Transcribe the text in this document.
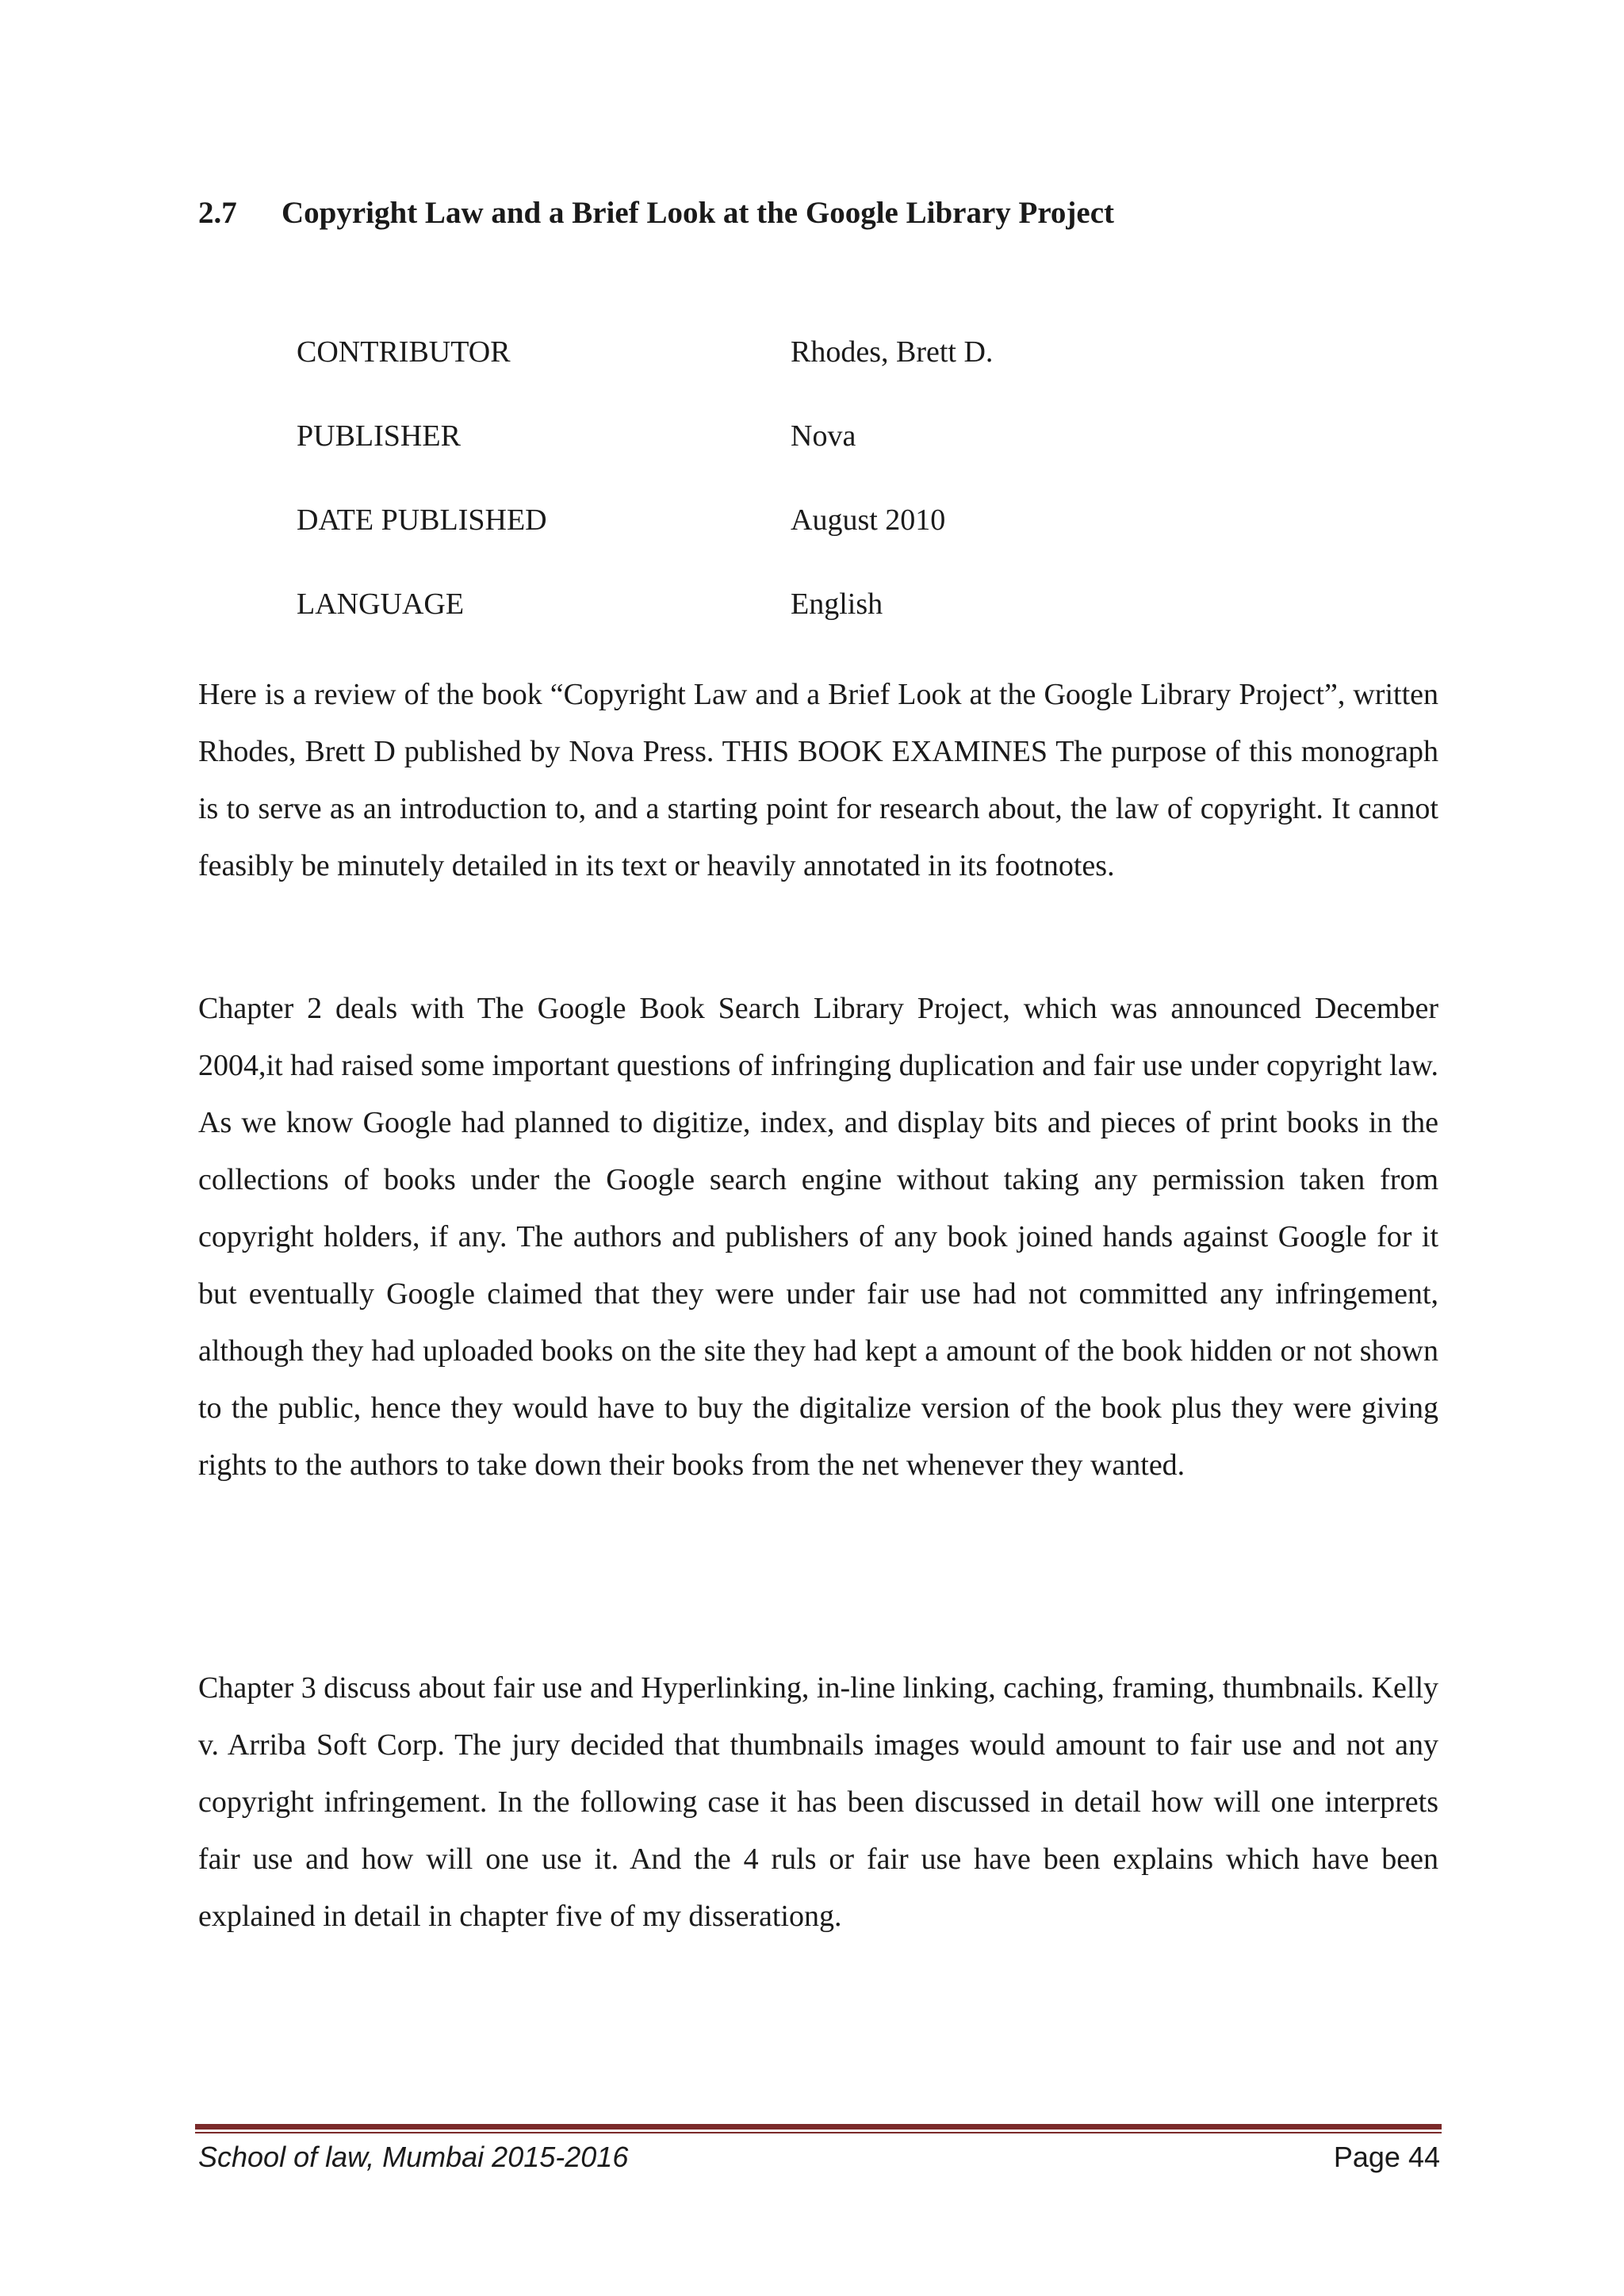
2.7 Copyright Law and a Brief Look at the Google Library Project
CONTRIBUTOR	Rhodes, Brett D.
PUBLISHER	Nova
DATE PUBLISHED	August 2010
LANGUAGE	English

Here is a review of the book “Copyright Law and a Brief Look at the Google Library Project”, written Rhodes, Brett D published by Nova Press. THIS BOOK EXAMINES The purpose of this monograph is to serve as an introduction to, and a starting point for research about, the law of copyright. It cannot feasibly be minutely detailed in its text or heavily annotated in its footnotes.

Chapter 2 deals with The Google Book Search Library Project, which was announced December 2004,it had raised some important questions of infringing duplication and fair use under copyright law. As we know Google had planned to digitize, index, and display bits and pieces of print books in the collections of books under the Google search engine without taking any permission taken from copyright holders, if any. The authors and publishers of any book joined hands against Google for it but eventually Google claimed that they were under fair use had not committed any infringement, although they had uploaded books on the site they had kept a amount of the book hidden or not shown to the public, hence they would have to buy the digitalize version of the book plus they were giving rights to the authors to take down their books from the net whenever they wanted.

Chapter 3 discuss about fair use and Hyperlinking, in-line linking, caching, framing, thumbnails. Kelly v. Arriba Soft Corp. The jury decided that thumbnails images would amount to fair use and not any copyright infringement. In the following case it has been discussed in detail how will one interprets fair use and how will one use it. And the 4 ruls or fair use have been explains which have been explained in detail in chapter five of my disserationg.

School of law, Mumbai 2015-2016	Page 44
